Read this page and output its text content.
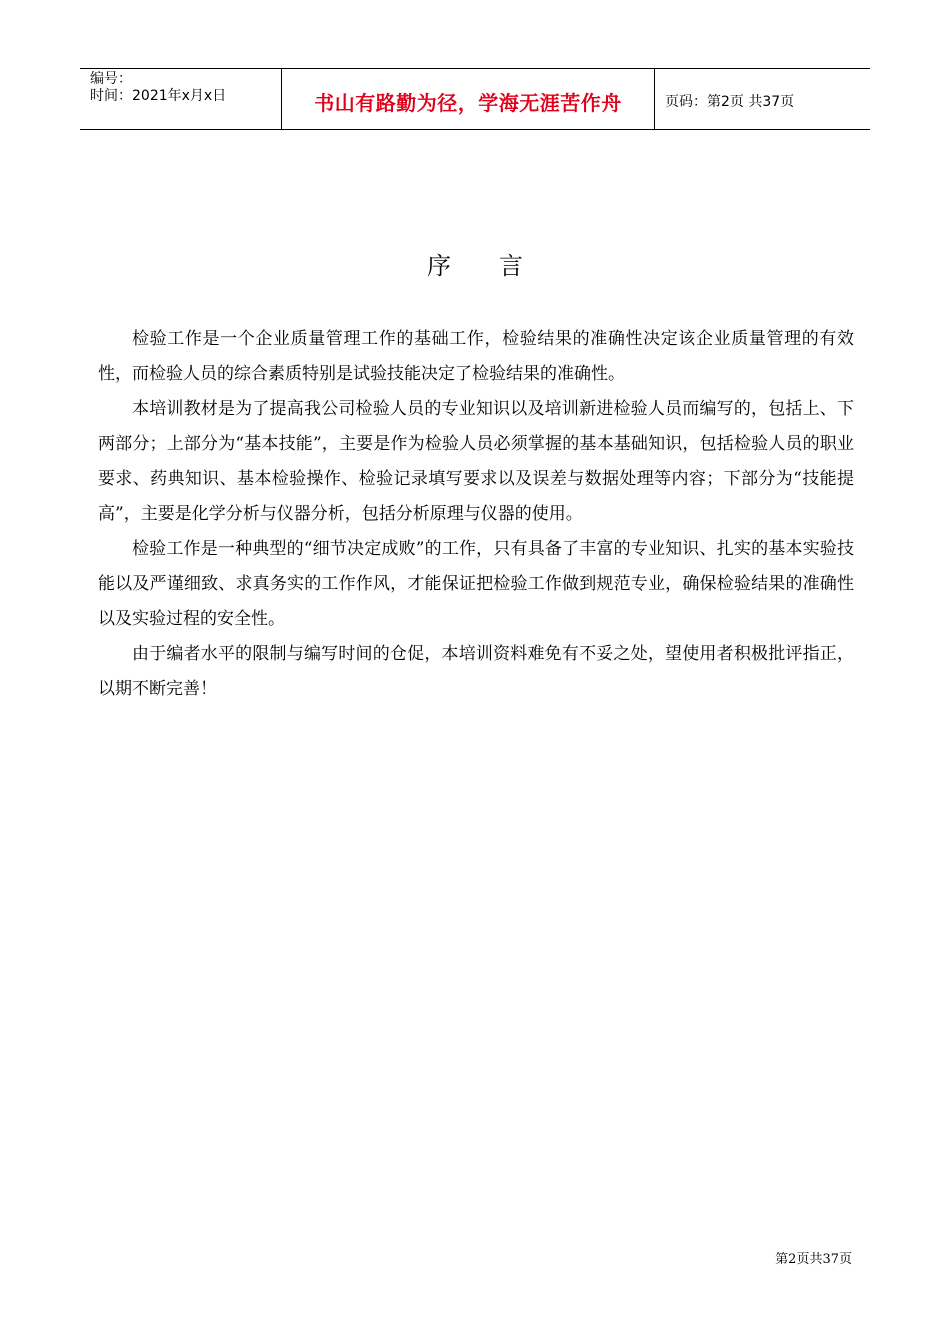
编号：
时间：2021年x月x日	书山有路勤为径，学海无涯苦作舟	页码：第2页 共37页
序言

检验工作是一个企业质量管理工作的基础工作，检验结果的准确性决定该企业质量管理的有效性，而检验人员的综合素质特别是试验技能决定了检验结果的准确性。

本培训教材是为了提高我公司检验人员的专业知识以及培训新进检验人员而编写的，包括上、下两部分；上部分为“基本技能”，主要是作为检验人员必须掌握的基本基础知识，包括检验人员的职业要求、药典知识、基本检验操作、检验记录填写要求以及误差与数据处理等内容；下部分为“技能提高”，主要是化学分析与仪器分析，包括分析原理与仪器的使用。

检验工作是一种典型的“细节决定成败”的工作，只有具备了丰富的专业知识、扎实的基本实验技能以及严谨细致、求真务实的工作作风，才能保证把检验工作做到规范专业，确保检验结果的准确性以及实验过程的安全性。

由于编者水平的限制与编写时间的仓促，本培训资料难免有不妥之处，望使用者积极批评指正，以期不断完善！

第2页共37页
